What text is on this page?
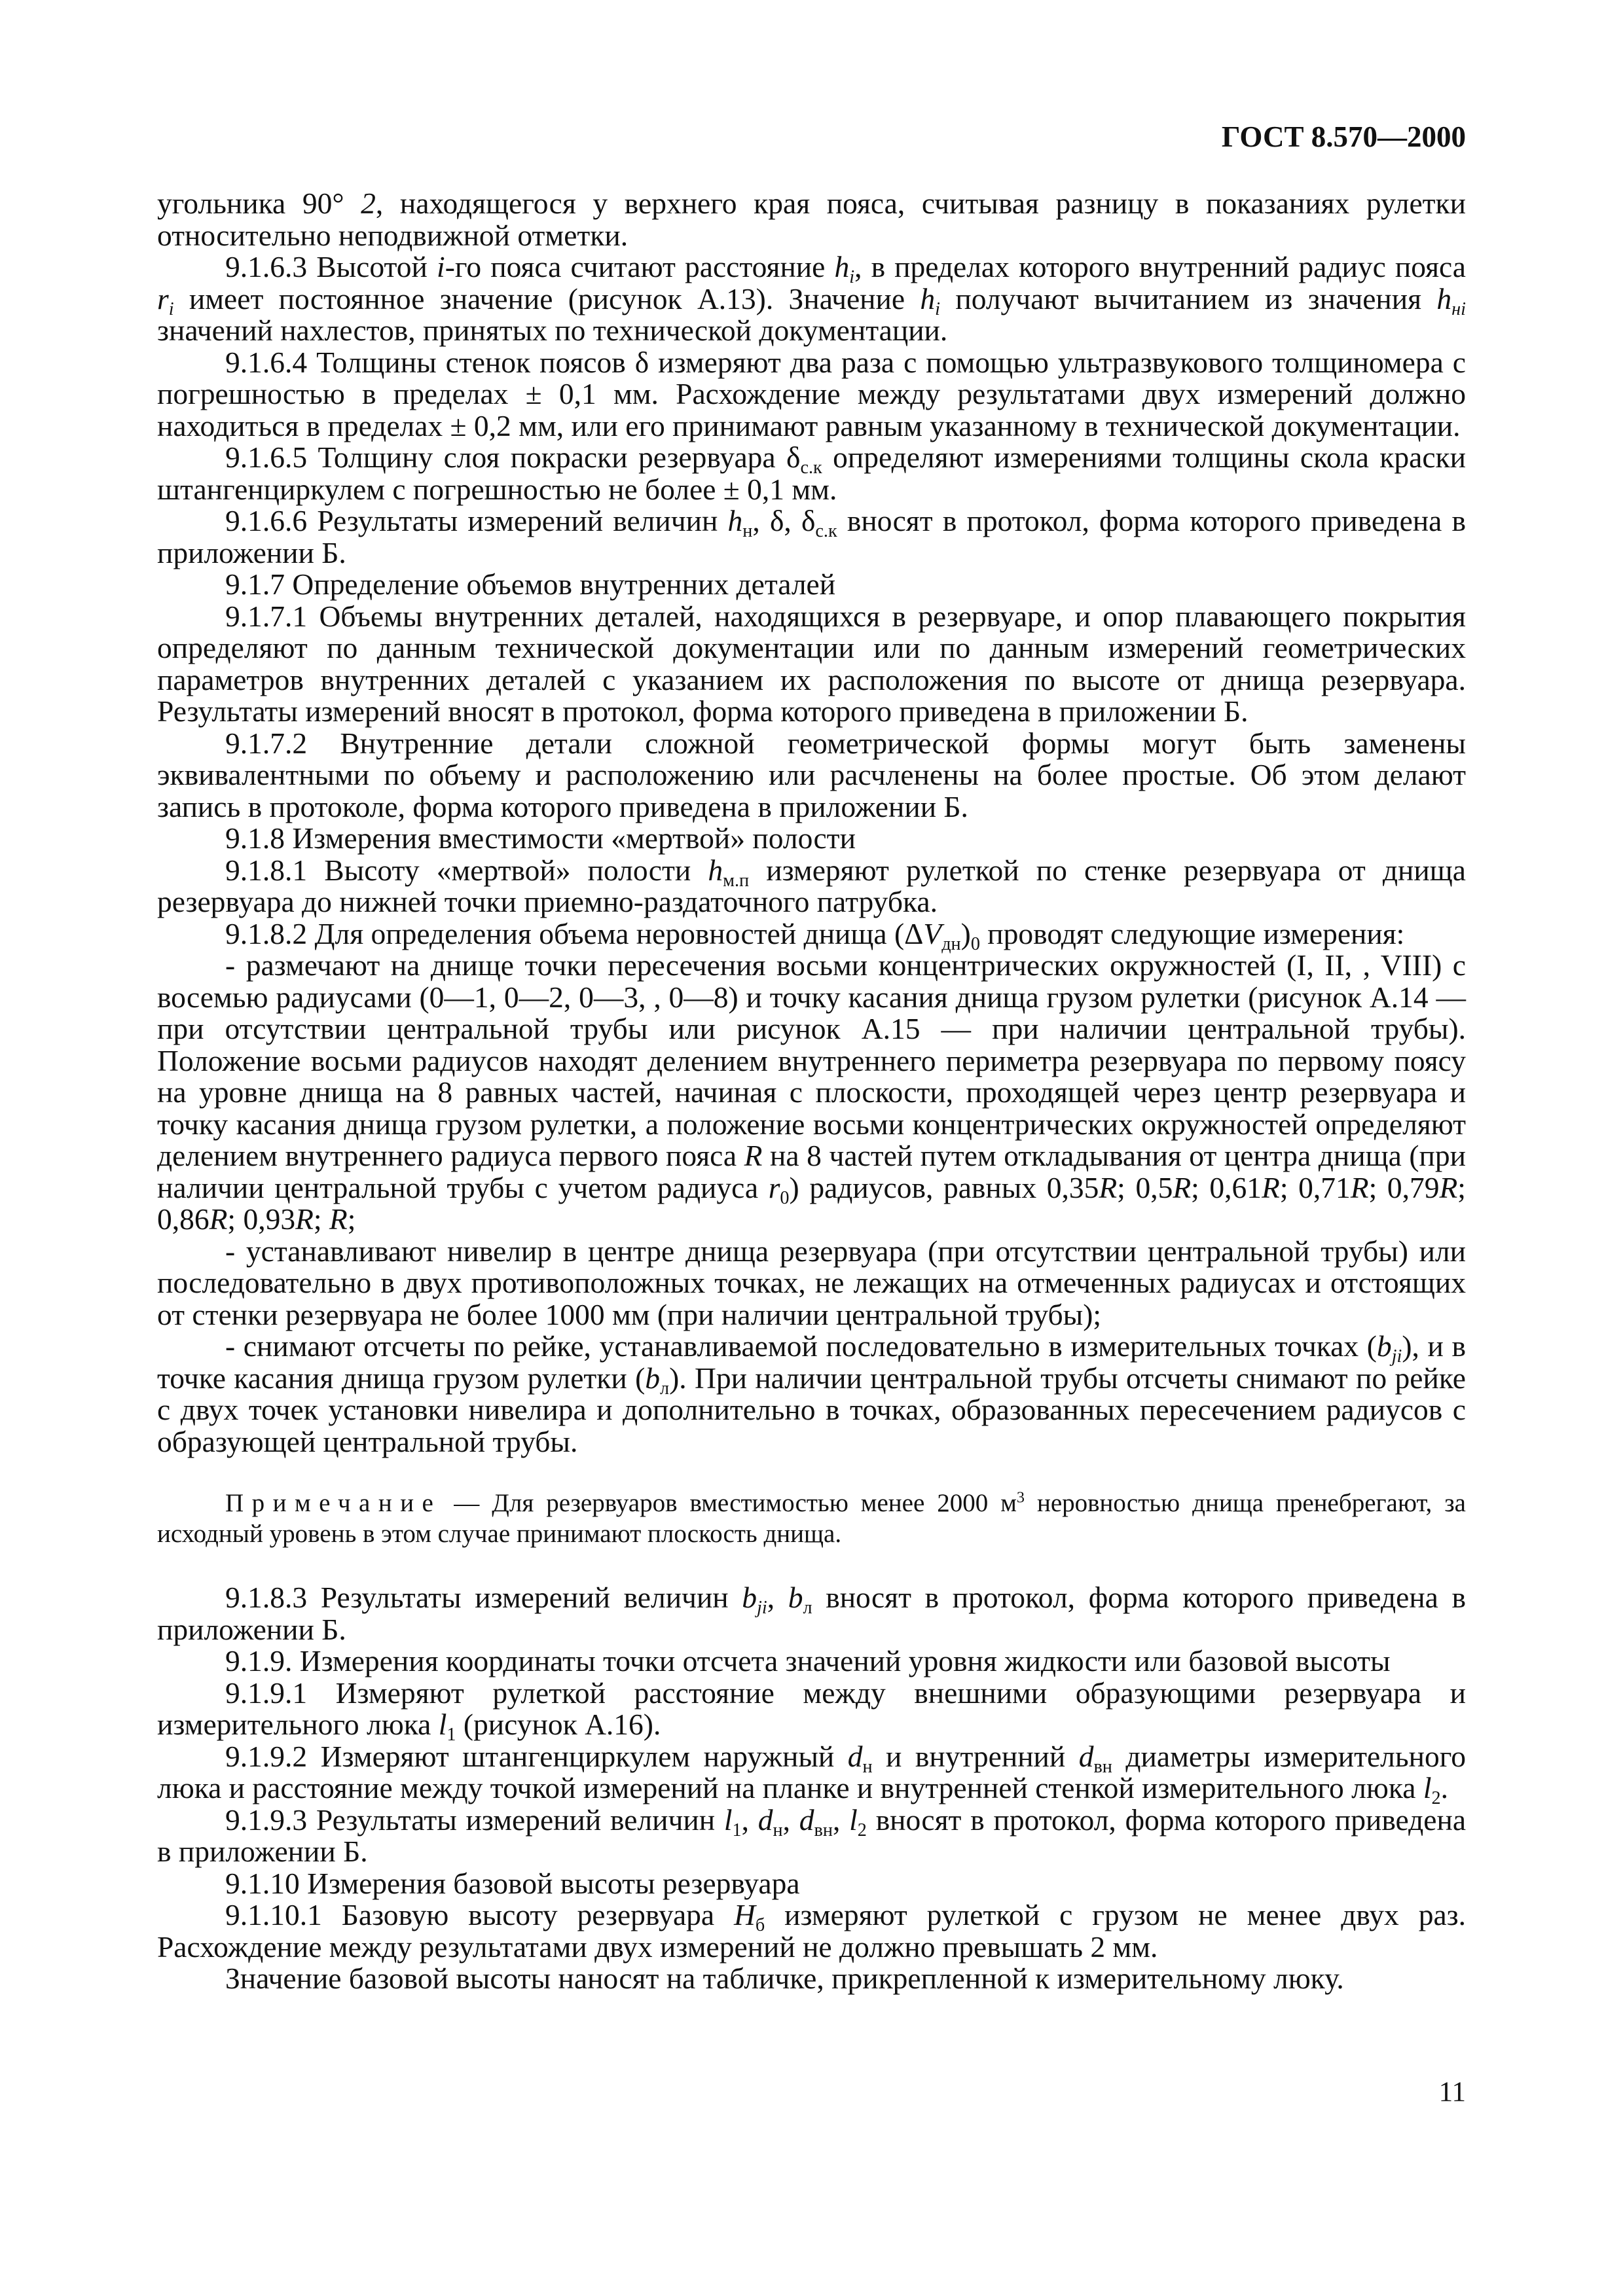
ГОСТ 8.570—2000

угольника 90° 2, находящегося у верхнего края пояса, считывая разницу в показаниях рулетки относительно неподвижной отметки.

9.1.6.3 Высотой i-го пояса считают расстояние $h_i$, в пределах которого внутренний радиус пояса $r_i$ имеет постоянное значение (рисунок А.13). Значение $h_i$ получают вычитанием из значения $h_{нi}$ значений нахлестов, принятых по технической документации.

9.1.6.4 Толщины стенок поясов δ измеряют два раза с помощью ультразвукового толщиномера с погрешностью в пределах ± 0,1 мм. Расхождение между результатами двух измерений должно находиться в пределах ± 0,2 мм, или его принимают равным указанному в технической документации.

9.1.6.5 Толщину слоя покраски резервуара $\delta_{с.к}$ определяют измерениями толщины скола краски штангенциркулем с погрешностью не более ± 0,1 мм.

9.1.6.6 Результаты измерений величин $h_н$, δ, $\delta_{с.к}$ вносят в протокол, форма которого приведена в приложении Б.

9.1.7 Определение объемов внутренних деталей

9.1.7.1 Объемы внутренних деталей, находящихся в резервуаре, и опор плавающего покрытия определяют по данным технической документации или по данным измерений геометрических параметров внутренних деталей с указанием их расположения по высоте от днища резервуара. Результаты измерений вносят в протокол, форма которого приведена в приложении Б.

9.1.7.2 Внутренние детали сложной геометрической формы могут быть заменены эквивалентными по объему и расположению или расчленены на более простые. Об этом делают запись в протоколе, форма которого приведена в приложении Б.

9.1.8 Измерения вместимости «мертвой» полости

9.1.8.1 Высоту «мертвой» полости $h_{м.п}$ измеряют рулеткой по стенке резервуара от днища резервуара до нижней точки приемно-раздаточного патрубка.

9.1.8.2 Для определения объема неровностей днища $(\Delta V_{дн})_0$ проводят следующие измерения:

- размечают на днище точки пересечения восьми концентрических окружностей (I, II, , VIII) с восемью радиусами (0—1, 0—2, 0—3, , 0—8) и точку касания днища грузом рулетки (рисунок А.14 — при отсутствии центральной трубы или рисунок А.15 — при наличии центральной трубы). Положение восьми радиусов находят делением внутреннего периметра резервуара по первому поясу на уровне днища на 8 равных частей, начиная с плоскости, проходящей через центр резервуара и точку касания днища грузом рулетки, а положение восьми концентрических окружностей определяют делением внутреннего радиуса первого пояса R на 8 частей путем откладывания от центра днища (при наличии центральной трубы с учетом радиуса $r_0$) радиусов, равных 0,35R; 0,5R; 0,61R; 0,71R; 0,79R; 0,86R; 0,93R; R;

- устанавливают нивелир в центре днища резервуара (при отсутствии центральной трубы) или последовательно в двух противоположных точках, не лежащих на отмеченных радиусах и отстоящих от стенки резервуара не более 1000 мм (при наличии центральной трубы);

- снимают отсчеты по рейке, устанавливаемой последовательно в измерительных точках $(b_{ji})$, и в точке касания днища грузом рулетки $(b_л)$. При наличии центральной трубы отсчеты снимают по рейке с двух точек установки нивелира и дополнительно в точках, образованных пересечением радиусов с образующей центральной трубы.

Примечание — Для резервуаров вместимостью менее 2000 $м^3$ неровностью днища пренебрегают, за исходный уровень в этом случае принимают плоскость днища.

9.1.8.3 Результаты измерений величин $b_{ji}$, $b_л$ вносят в протокол, форма которого приведена в приложении Б.

9.1.9. Измерения координаты точки отсчета значений уровня жидкости или базовой высоты

9.1.9.1 Измеряют рулеткой расстояние между внешними образующими резервуара и измерительного люка $l_1$ (рисунок А.16).

9.1.9.2 Измеряют штангенциркулем наружный $d_н$ и внутренний $d_{вн}$ диаметры измерительного люка и расстояние между точкой измерений на планке и внутренней стенкой измерительного люка $l_2$.

9.1.9.3 Результаты измерений величин $l_1$, $d_н$, $d_{вн}$, $l_2$ вносят в протокол, форма которого приведена в приложении Б.

9.1.10 Измерения базовой высоты резервуара

9.1.10.1 Базовую высоту резервуара $H_б$ измеряют рулеткой с грузом не менее двух раз. Расхождение между результатами двух измерений не должно превышать 2 мм.

Значение базовой высоты наносят на табличке, прикрепленной к измерительному люку.

11
